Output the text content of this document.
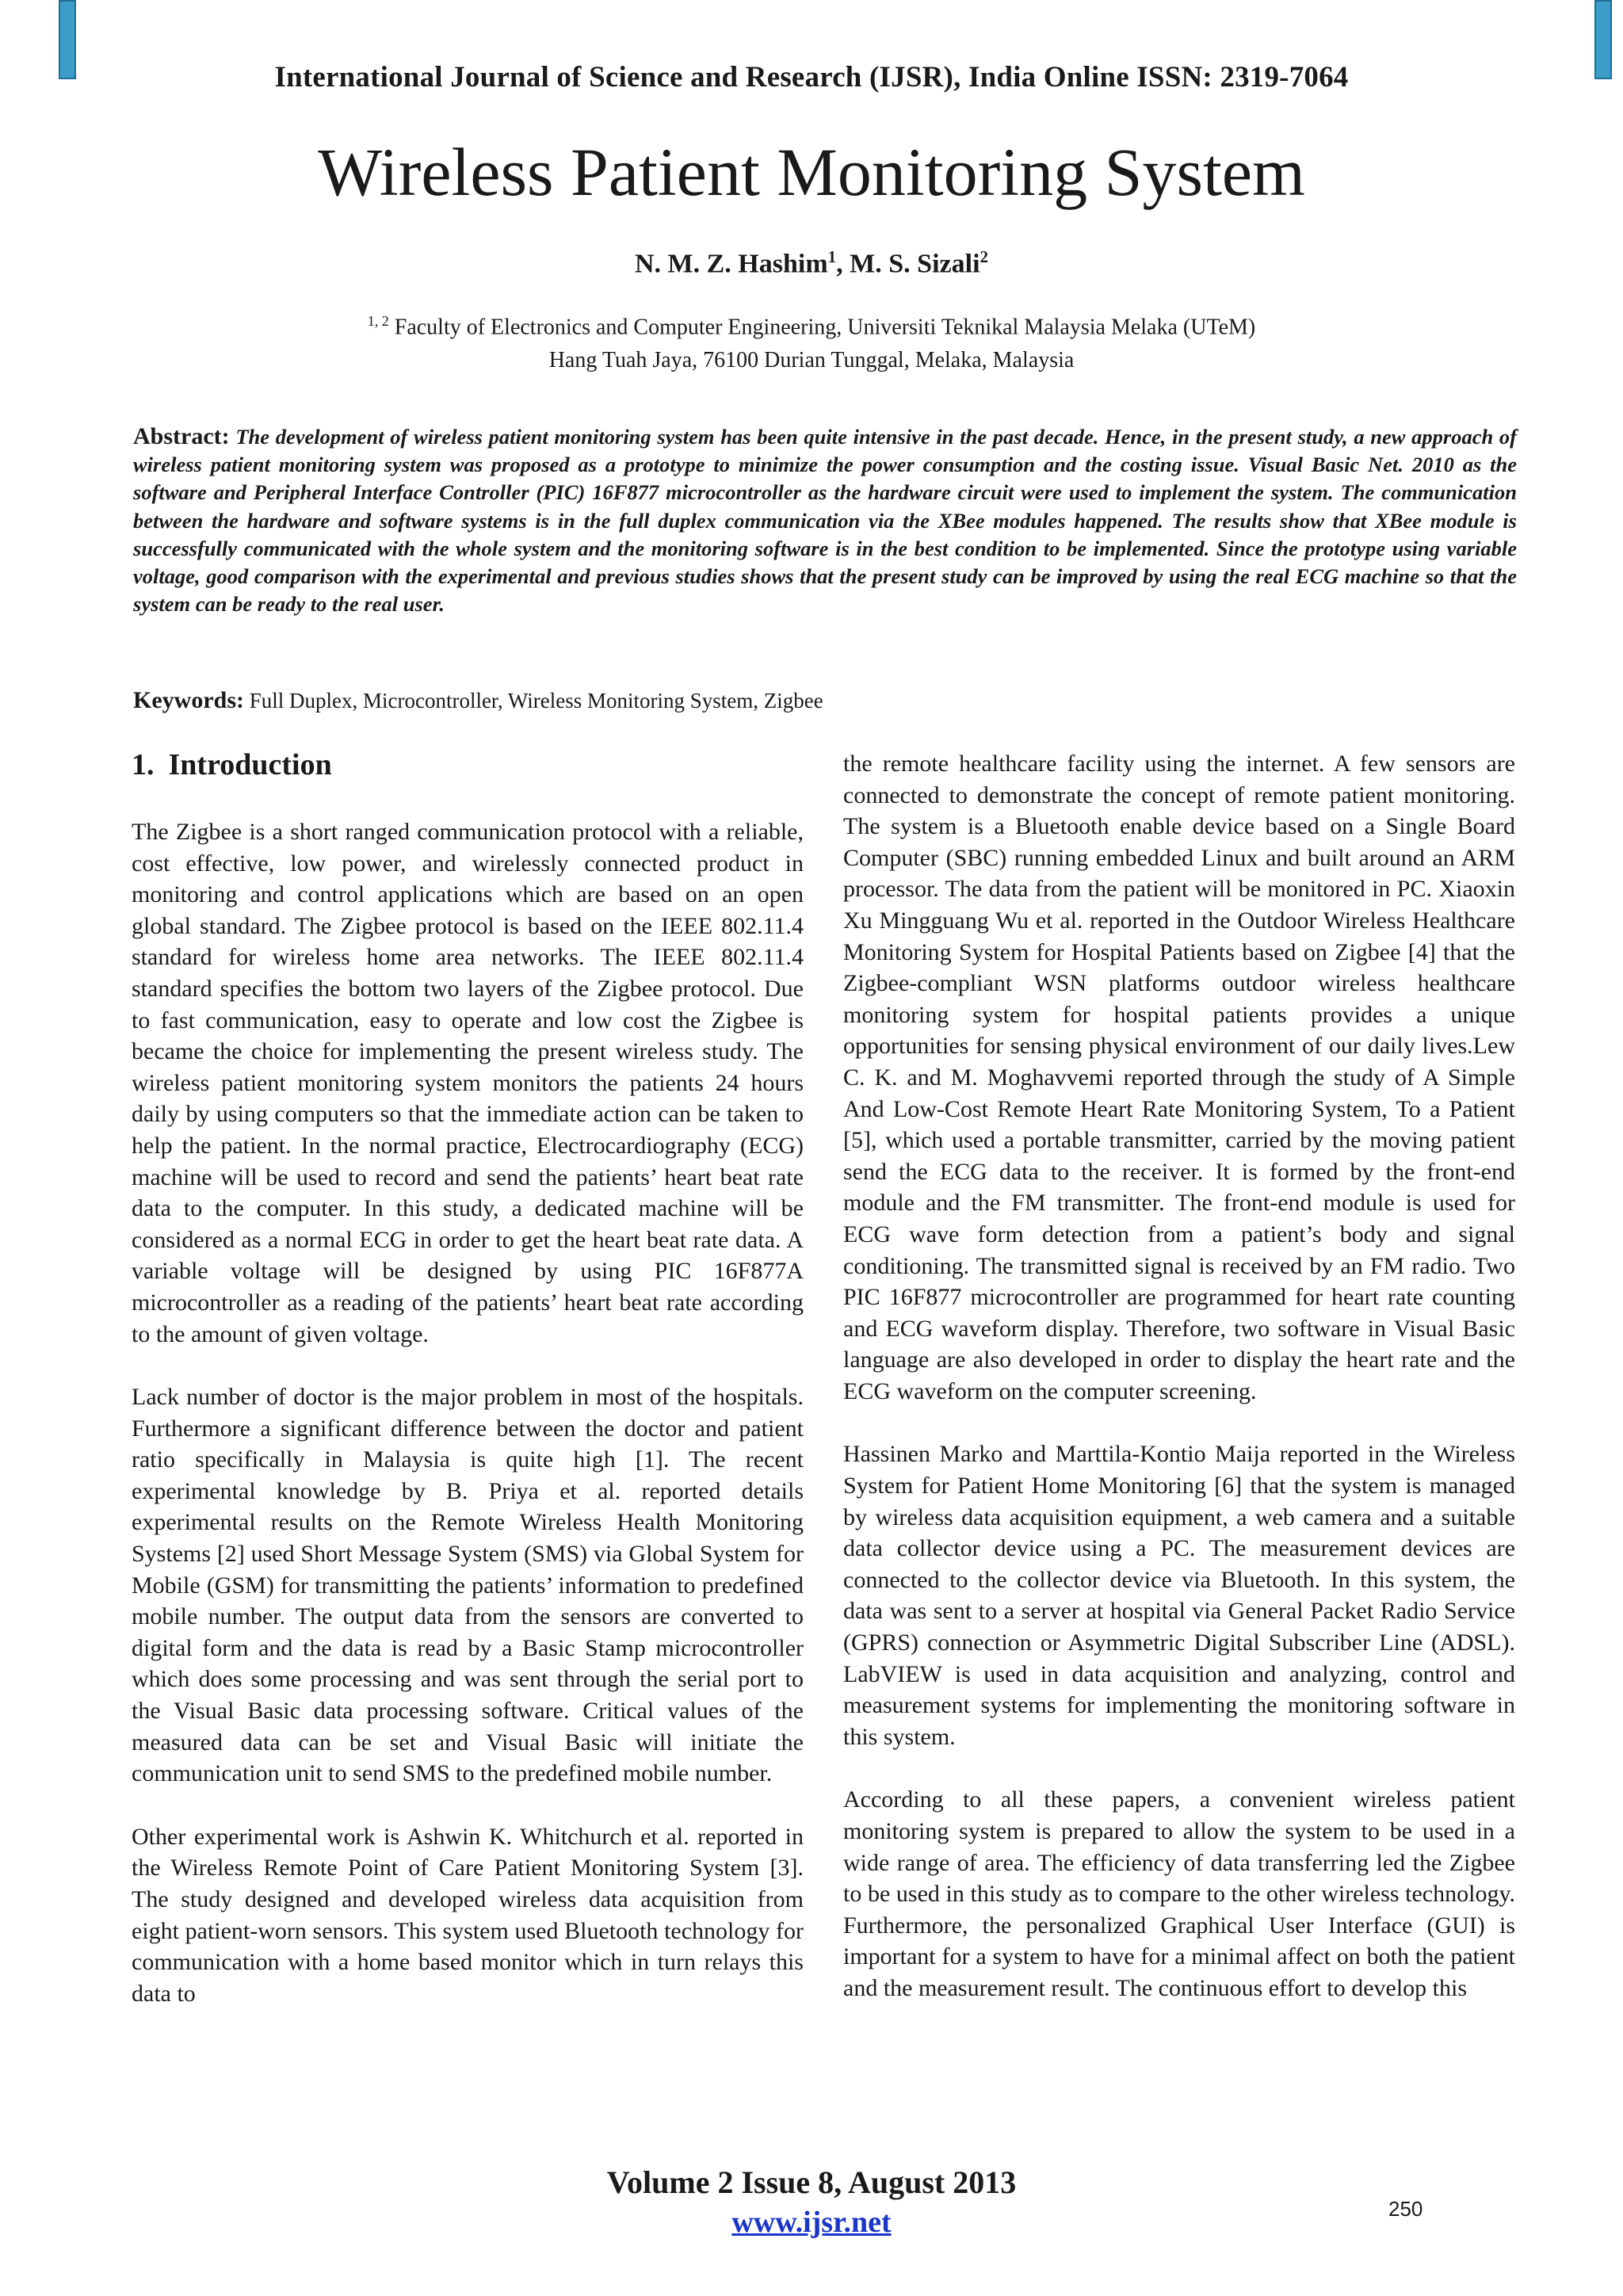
International Journal of Science and Research (IJSR), India Online ISSN: 2319-7064
Wireless Patient Monitoring System
N. M. Z. Hashim$^1$, M. S. Sizali$^2$
$^{1, 2}$ Faculty of Electronics and Computer Engineering, Universiti Teknikal Malaysia Melaka (UTeM)
Hang Tuah Jaya, 76100 Durian Tunggal, Melaka, Malaysia
Abstract: The development of wireless patient monitoring system has been quite intensive in the past decade. Hence, in the present study, a new approach of wireless patient monitoring system was proposed as a prototype to minimize the power consumption and the costing issue. Visual Basic Net. 2010 as the software and Peripheral Interface Controller (PIC) 16F877 microcontroller as the hardware circuit were used to implement the system. The communication between the hardware and software systems is in the full duplex communication via the XBee modules happened. The results show that XBee module is successfully communicated with the whole system and the monitoring software is in the best condition to be implemented. Since the prototype using variable voltage, good comparison with the experimental and previous studies shows that the present study can be improved by using the real ECG machine so that the system can be ready to the real user.
Keywords: Full Duplex, Microcontroller, Wireless Monitoring System, Zigbee
1. Introduction

The Zigbee is a short ranged communication protocol with a reliable, cost effective, low power, and wirelessly connected product in monitoring and control applications which are based on an open global standard. The Zigbee protocol is based on the IEEE 802.11.4 standard for wireless home area networks. The IEEE 802.11.4 standard specifies the bottom two layers of the Zigbee protocol. Due to fast communication, easy to operate and low cost the Zigbee is became the choice for implementing the present wireless study. The wireless patient monitoring system monitors the patients 24 hours daily by using computers so that the immediate action can be taken to help the patient. In the normal practice, Electrocardiography (ECG) machine will be used to record and send the patients’ heart beat rate data to the computer. In this study, a dedicated machine will be considered as a normal ECG in order to get the heart beat rate data. A variable voltage will be designed by using PIC 16F877A microcontroller as a reading of the patients’ heart beat rate according to the amount of given voltage.

Lack number of doctor is the major problem in most of the hospitals. Furthermore a significant difference between the doctor and patient ratio specifically in Malaysia is quite high [1]. The recent experimental knowledge by B. Priya et al. reported details experimental results on the Remote Wireless Health Monitoring Systems [2] used Short Message System (SMS) via Global System for Mobile (GSM) for transmitting the patients’ information to predefined mobile number. The output data from the sensors are converted to digital form and the data is read by a Basic Stamp microcontroller which does some processing and was sent through the serial port to the Visual Basic data processing software. Critical values of the measured data can be set and Visual Basic will initiate the communication unit to send SMS to the predefined mobile number.

Other experimental work is Ashwin K. Whitchurch et al. reported in the Wireless Remote Point of Care Patient Monitoring System [3]. The study designed and developed wireless data acquisition from eight patient-worn sensors. This system used Bluetooth technology for communication with a home based monitor which in turn relays this data to

the remote healthcare facility using the internet. A few sensors are connected to demonstrate the concept of remote patient monitoring. The system is a Bluetooth enable device based on a Single Board Computer (SBC) running embedded Linux and built around an ARM processor. The data from the patient will be monitored in PC. Xiaoxin Xu Mingguang Wu et al. reported in the Outdoor Wireless Healthcare Monitoring System for Hospital Patients based on Zigbee [4] that the Zigbee-compliant WSN platforms outdoor wireless healthcare monitoring system for hospital patients provides a unique opportunities for sensing physical environment of our daily lives.Lew C. K. and M. Moghavvemi reported through the study of A Simple And Low-Cost Remote Heart Rate Monitoring System, To a Patient [5], which used a portable transmitter, carried by the moving patient send the ECG data to the receiver. It is formed by the front-end module and the FM transmitter. The front-end module is used for ECG wave form detection from a patient’s body and signal conditioning. The transmitted signal is received by an FM radio. Two PIC 16F877 microcontroller are programmed for heart rate counting and ECG waveform display. Therefore, two software in Visual Basic language are also developed in order to display the heart rate and the ECG waveform on the computer screening.

Hassinen Marko and Marttila-Kontio Maija reported in the Wireless System for Patient Home Monitoring [6] that the system is managed by wireless data acquisition equipment, a web camera and a suitable data collector device using a PC. The measurement devices are connected to the collector device via Bluetooth. In this system, the data was sent to a server at hospital via General Packet Radio Service (GPRS) connection or Asymmetric Digital Subscriber Line (ADSL). LabVIEW is used in data acquisition and analyzing, control and measurement systems for implementing the monitoring software in this system.

According to all these papers, a convenient wireless patient monitoring system is prepared to allow the system to be used in a wide range of area. The efficiency of data transferring led the Zigbee to be used in this study as to compare to the other wireless technology. Furthermore, the personalized Graphical User Interface (GUI) is important for a system to have for a minimal affect on both the patient and the measurement result. The continuous effort to develop this

Volume 2 Issue 8, August 2013
www.ijsr.net	250
